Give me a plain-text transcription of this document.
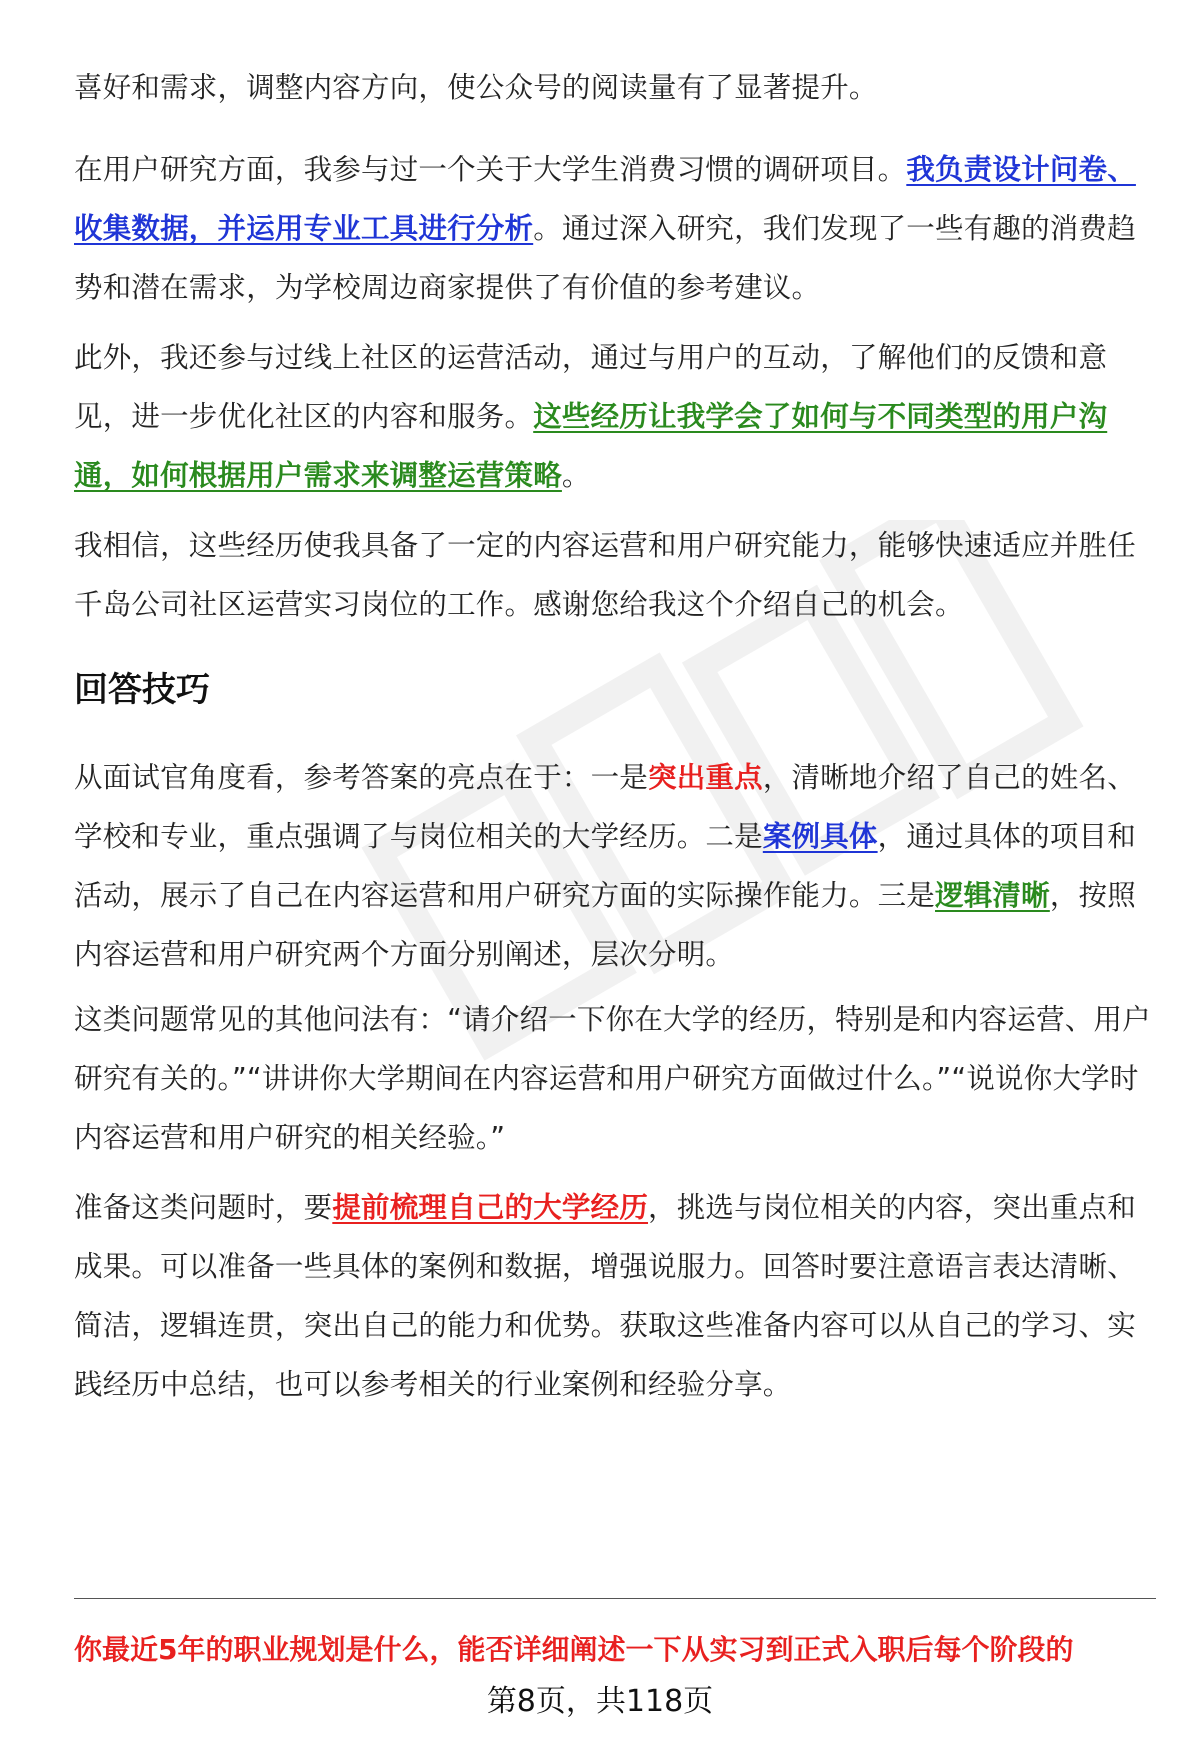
喜好和需求，调整内容方向，使公众号的阅读量有了显著提升。

在用户研究方面，我参与过一个关于大学生消费习惯的调研项目。我负责设计问卷、收集数据，并运用专业工具进行分析。通过深入研究，我们发现了一些有趣的消费趋势和潜在需求，为学校周边商家提供了有价值的参考建议。

此外，我还参与过线上社区的运营活动，通过与用户的互动，了解他们的反馈和意见，进一步优化社区的内容和服务。这些经历让我学会了如何与不同类型的用户沟通，如何根据用户需求来调整运营策略。

我相信，这些经历使我具备了一定的内容运营和用户研究能力，能够快速适应并胜任千岛公司社区运营实习岗位的工作。感谢您给我这个介绍自己的机会。

回答技巧

从面试官角度看，参考答案的亮点在于：一是突出重点，清晰地介绍了自己的姓名、学校和专业，重点强调了与岗位相关的大学经历。二是案例具体，通过具体的项目和活动，展示了自己在内容运营和用户研究方面的实际操作能力。三是逻辑清晰，按照内容运营和用户研究两个方面分别阐述，层次分明。

这类问题常见的其他问法有：“请介绍一下你在大学的经历，特别是和内容运营、用户研究有关的。”“讲讲你大学期间在内容运营和用户研究方面做过什么。”“说说你大学时内容运营和用户研究的相关经验。”

准备这类问题时，要提前梳理自己的大学经历，挑选与岗位相关的内容，突出重点和成果。可以准备一些具体的案例和数据，增强说服力。回答时要注意语言表达清晰、简洁，逻辑连贯，突出自己的能力和优势。获取这些准备内容可以从自己的学习、实践经历中总结，也可以参考相关的行业案例和经验分享。

你最近5年的职业规划是什么，能否详细阐述一下从实习到正式入职后每个阶段的

第8页，共118页
